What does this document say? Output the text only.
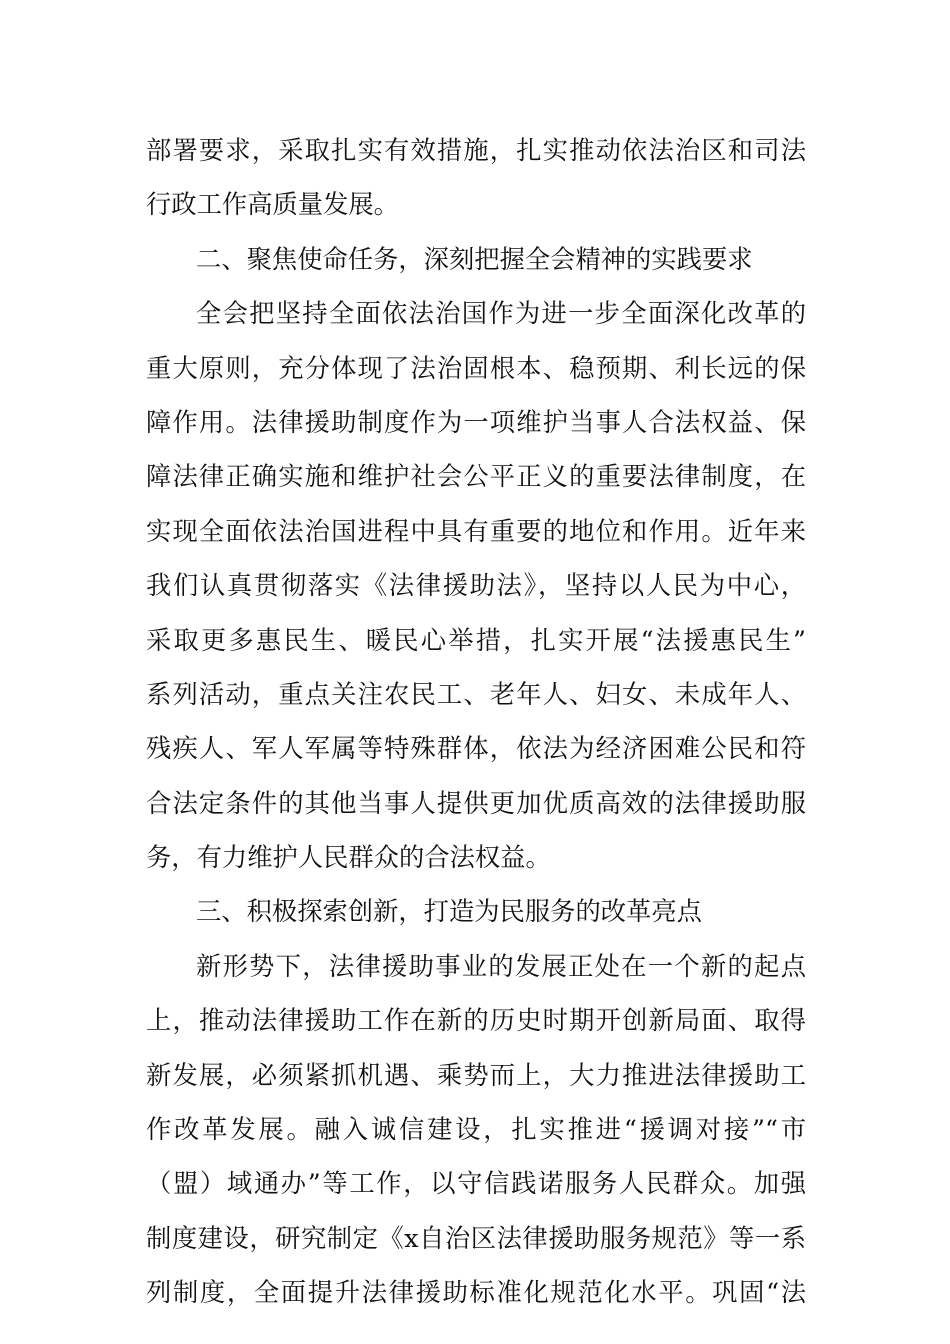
部署要求，采取扎实有效措施，扎实推动依法治区和司法
行政工作高质量发展。
二、聚焦使命任务，深刻把握全会精神的实践要求
全会把坚持全面依法治国作为进一步全面深化改革的
重大原则，充分体现了法治固根本、稳预期、利长远的保
障作用。法律援助制度作为一项维护当事人合法权益、保
障法律正确实施和维护社会公平正义的重要法律制度，在
实现全面依法治国进程中具有重要的地位和作用。近年来
我们认真贯彻落实《法律援助法》，坚持以人民为中心，
采取更多惠民生、暖民心举措，扎实开展“法援惠民生”
系列活动，重点关注农民工、老年人、妇女、未成年人、
残疾人、军人军属等特殊群体，依法为经济困难公民和符
合法定条件的其他当事人提供更加优质高效的法律援助服
务，有力维护人民群众的合法权益。
三、积极探索创新，打造为民服务的改革亮点
新形势下，法律援助事业的发展正处在一个新的起点
上，推动法律援助工作在新的历史时期开创新局面、取得
新发展，必须紧抓机遇、乘势而上，大力推进法律援助工
作改革发展。融入诚信建设，扎实推进“援调对接”“市
（盟）域通办”等工作，以守信践诺服务人民群众。加强
制度建设，研究制定《x自治区法律援助服务规范》等一系
列制度，全面提升法律援助标准化规范化水平。巩固“法
